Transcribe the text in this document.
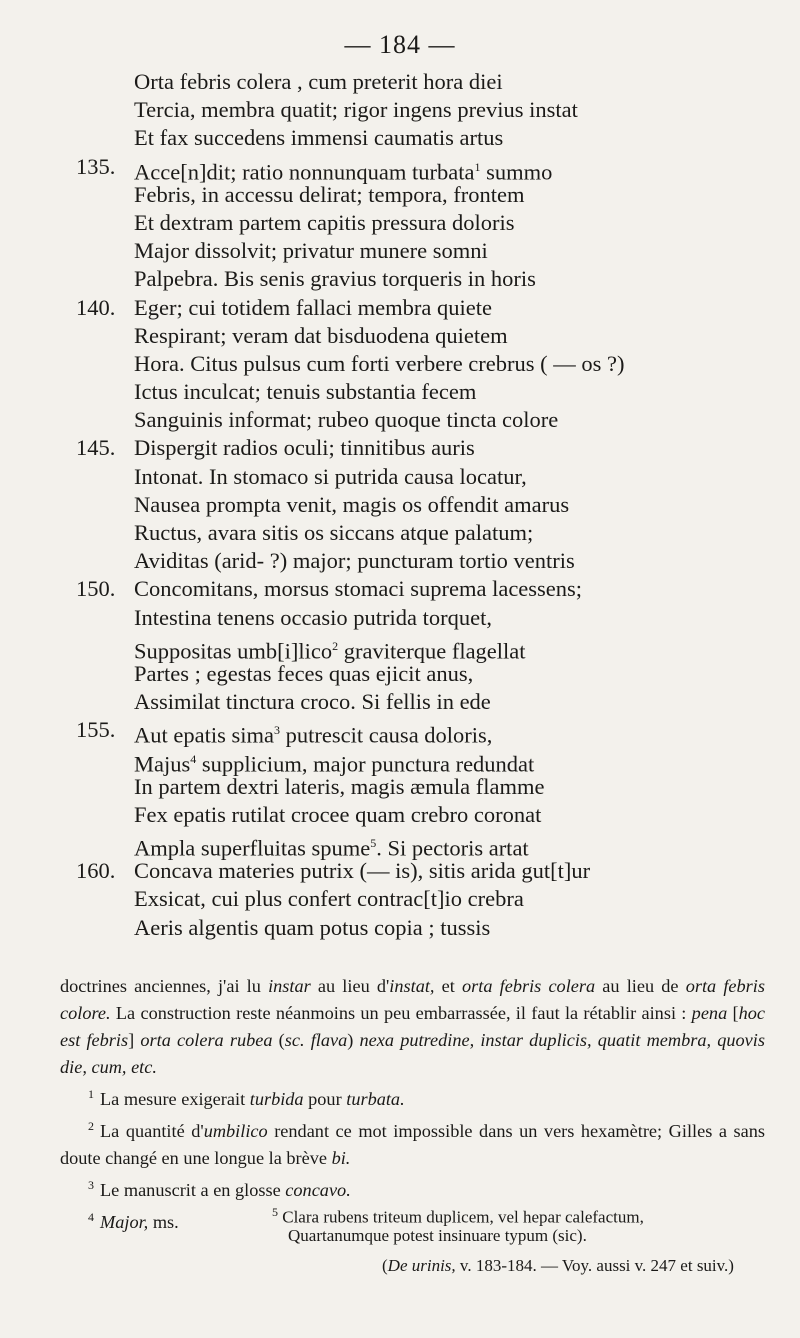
— 184 —
Orta febris colera , cum preterit hora diei
Tercia, membra quatit; rigor ingens previus instat
Et fax succedens immensi caumatis artus
135. Acce[n]dit; ratio nonnunquam turbata$^1$ summo
Febris, in accessu delirat; tempora, frontem
Et dextram partem capitis pressura doloris
Major dissolvit; privatur munere somni
Palpebra. Bis senis gravius torqueris in horis
140. Eger; cui totidem fallaci membra quiete
Respirant; veram dat bisduodena quietem
Hora. Citus pulsus cum forti verbere crebrus ( — os ?)
Ictus inculcat; tenuis substantia fecem
Sanguinis informat; rubeo quoque tincta colore
145. Dispergit radios oculi; tinnitibus auris
Intonat. In stomaco si putrida causa locatur,
Nausea prompta venit, magis os offendit amarus
Ructus, avara sitis os siccans atque palatum;
Aviditas (arid- ?) major; puncturam tortio ventris
150. Concomitans, morsus stomaci suprema lacessens;
Intestina tenens occasio putrida torquet,
Suppositas umb[i]lico$^2$ graviterque flagellat
Partes ; egestas feces quas ejicit anus,
Assimilat tinctura croco. Si fellis in ede
155. Aut epatis sima$^3$ putrescit causa doloris,
Majus$^4$ supplicium, major punctura redundat
In partem dextri lateris, magis æmula flamme
Fex epatis rutilat crocee quam crebro coronat
Ampla superfluitas spume$^5$. Si pectoris artat
160. Concava materies putrix (— is), sitis arida gut[t]ur
Exsicat, cui plus confert contrac[t]io crebra
Aeris algentis quam potus copia ; tussis
doctrines anciennes, j'ai lu instar au lieu d'instat, et orta febris colera au lieu de orta febris colore. La construction reste néanmoins un peu embarrassée, il faut la rétablir ainsi : pena [hoc est febris] orta colera rubea (sc. flava) nexa putredine, instar duplicis, quatit membra, quovis die, cum, etc.
$^1$ La mesure exigerait turbida pour turbata.
$^2$ La quantité d'umbilico rendant ce mot impossible dans un vers hexamètre; Gilles a sans doute changé en une longue la brève bi.
$^3$ Le manuscrit a en glosse concavo.
$^4$ Major, ms.
$^5$ Clara rubens triteum duplicem, vel hepar calefactum,
Quartanumque potest insinuare typum (sic).
(De urinis, v. 183-184. — Voy. aussi v. 247 et suiv.)
